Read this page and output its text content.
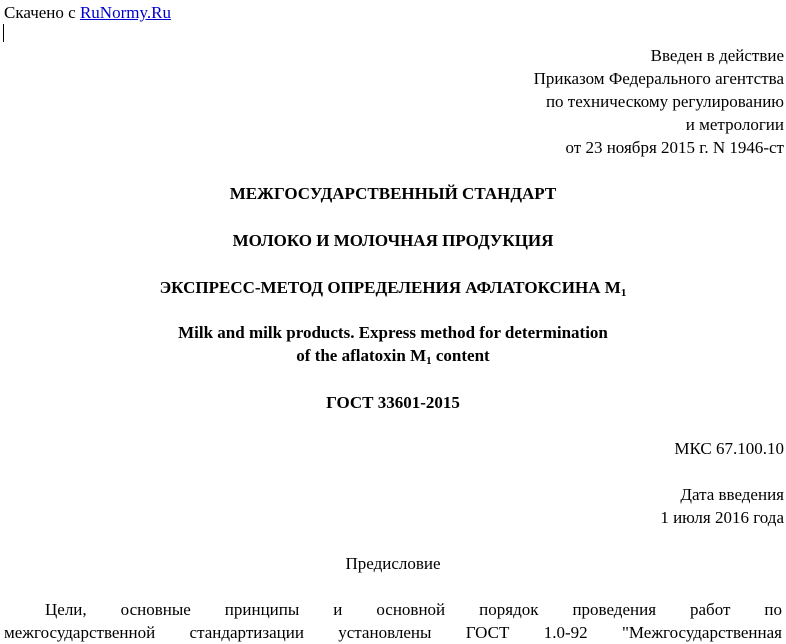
Скачено с RuNormy.Ru
Введен в действие
Приказом Федерального агентства
по техническому регулированию
и метрологии
от 23 ноября 2015 г. N 1946-ст
МЕЖГОСУДАРСТВЕННЫЙ СТАНДАРТ
МОЛОКО И МОЛОЧНАЯ ПРОДУКЦИЯ
ЭКСПРЕСС-МЕТОД ОПРЕДЕЛЕНИЯ АФЛАТОКСИНА $M_1$
Milk and milk products. Express method for determination
of the aflatoxin $M_1$ content
ГОСТ 33601-2015
МКС 67.100.10
Дата введения
1 июля 2016 года
Предисловие
Цели, основные принципы и основной порядок проведения работ по
межгосударственной стандартизации установлены ГОСТ 1.0-92 "Межгосударственная
